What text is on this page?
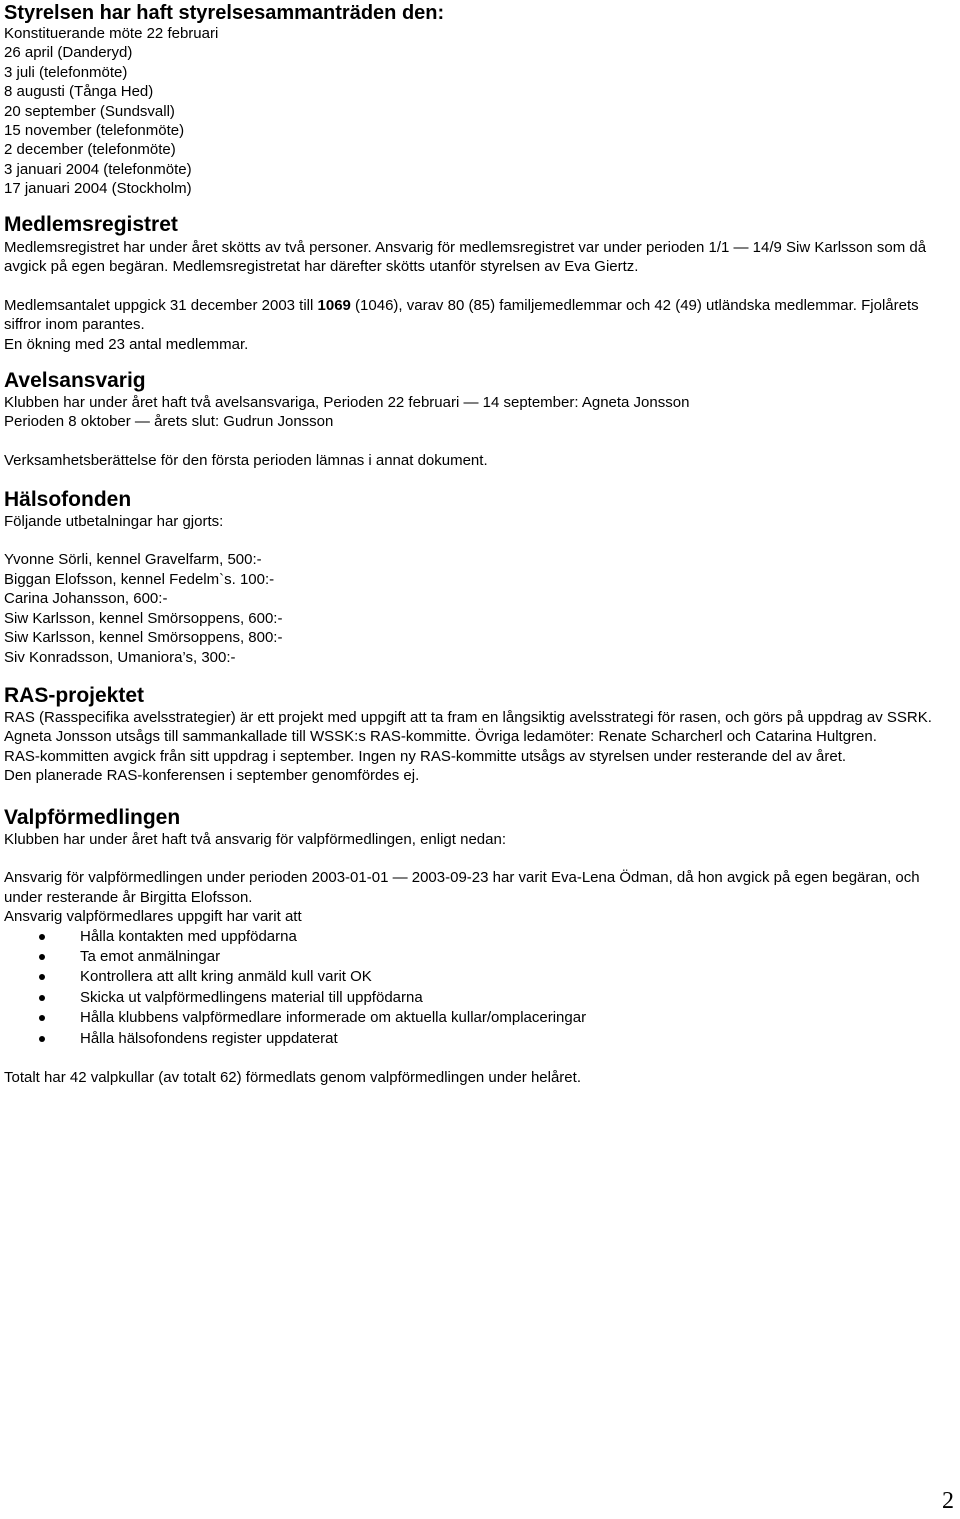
Styrelsen har haft styrelsesammanträden den:

Konstituerande möte 22 februari

26 april (Danderyd)

3 juli (telefonmöte)

8 augusti (Tånga Hed)

20 september (Sundsvall)

15 november (telefonmöte)

2 december (telefonmöte)

3 januari 2004 (telefonmöte)

17 januari 2004 (Stockholm)

Medlemsregistret

Medlemsregistret har under året skötts av två personer. Ansvarig för medlemsregistret var under perioden 1/1 — 14/9 Siw Karlsson som då avgick på egen begäran. Medlemsregistretat har därefter skötts utanför styrelsen av Eva Giertz.

Medlemsantalet uppgick 31 december 2003 till 1069 (1046), varav 80 (85) familjemedlemmar och 42 (49) utländska medlemmar. Fjolårets siffror inom parantes.

En ökning med 23 antal medlemmar.

Avelsansvarig

Klubben har under året haft två avelsansvariga, Perioden 22 februari — 14 september: Agneta Jonsson

Perioden 8 oktober — årets slut: Gudrun Jonsson

Verksamhetsberättelse för den första perioden lämnas i annat dokument.

Hälsofonden

Följande utbetalningar har gjorts:

Yvonne Sörli, kennel Gravelfarm, 500:-

Biggan Elofsson, kennel Fedelm`s. 100:-

Carina Johansson, 600:-

Siw Karlsson, kennel Smörsoppens, 600:-

Siw Karlsson, kennel Smörsoppens, 800:-

Siv Konradsson, Umaniora’s, 300:-

RAS-projektet

RAS (Rasspecifika avelsstrategier) är ett projekt med uppgift att ta fram en långsiktig avelsstrategi för rasen, och görs på uppdrag av SSRK. Agneta Jonsson utsågs till sammankallade till WSSK:s RAS-kommitte. Övriga ledamöter: Renate Scharcherl och Catarina Hultgren.

RAS-kommitten avgick från sitt uppdrag i september. Ingen ny RAS-kommitte utsågs av styrelsen under resterande del av året.

Den planerade RAS-konferensen i september genomfördes ej.

Valpförmedlingen

Klubben har under året haft två ansvarig för valpförmedlingen, enligt nedan:

Ansvarig för valpförmedlingen under perioden 2003-01-01 — 2003-09-23 har varit Eva-Lena Ödman, då hon avgick på egen begäran, och under resterande år Birgitta Elofsson.

Ansvarig valpförmedlares uppgift har varit att

Hålla kontakten med uppfödarna
Ta emot anmälningar
Kontrollera att allt kring anmäld kull varit OK
Skicka ut valpförmedlingens material till uppfödarna
Hålla klubbens valpförmedlare informerade om aktuella kullar/omplaceringar
Hålla hälsofondens register uppdaterat

Totalt har 42 valpkullar (av totalt 62) förmedlats genom valpförmedlingen under helåret.

2
